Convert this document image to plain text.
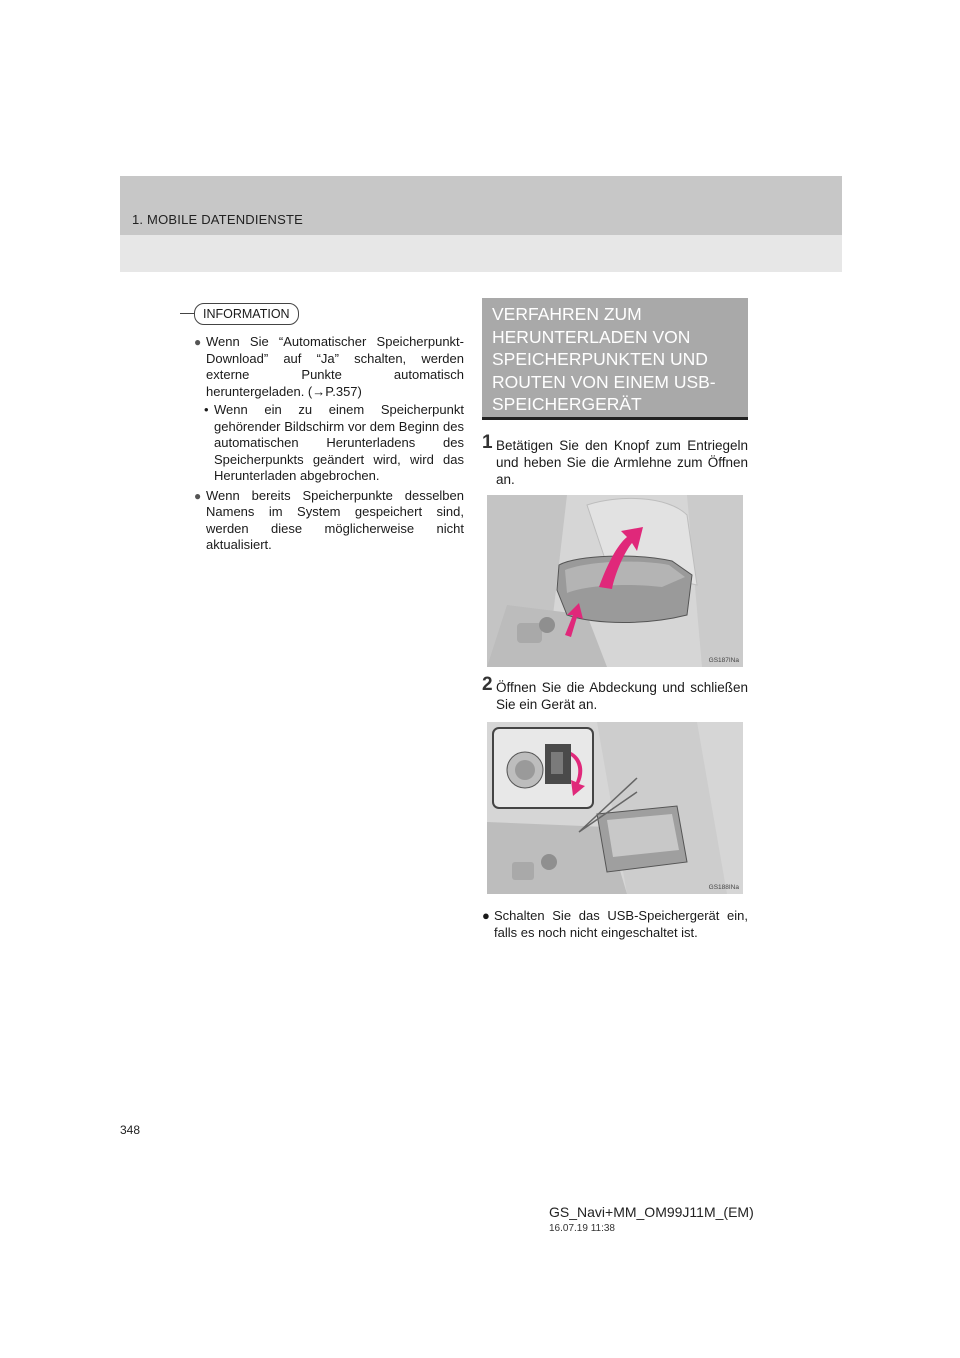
1. MOBILE DATENDIENSTE
INFORMATION
● Wenn Sie “Automatischer Speicherpunkt-Download” auf “Ja” schalten, werden externe Punkte automatisch heruntergeladen. (→P.357)
• Wenn ein zu einem Speicherpunkt gehörender Bildschirm vor dem Beginn des automatischen Herunterladens des Speicherpunkts geändert wird, wird das Herunterladen abgebrochen.
● Wenn bereits Speicherpunkte desselben Namens im System gespeichert sind, werden diese möglicherweise nicht aktualisiert.
VERFAHREN ZUM
HERUNTERLADEN VON
SPEICHERPUNKTEN UND
ROUTEN VON EINEM USB-
SPEICHERGERÄT
1 Betätigen Sie den Knopf zum Entriegeln und heben Sie die Armlehne zum Öffnen an.
GS187INa
2 Öffnen Sie die Abdeckung und schließen Sie ein Gerät an.
GS188INa
● Schalten Sie das USB-Speichergerät ein, falls es noch nicht eingeschaltet ist.
348
GS_Navi+MM_OM99J11M_(EM)
16.07.19 11:38
